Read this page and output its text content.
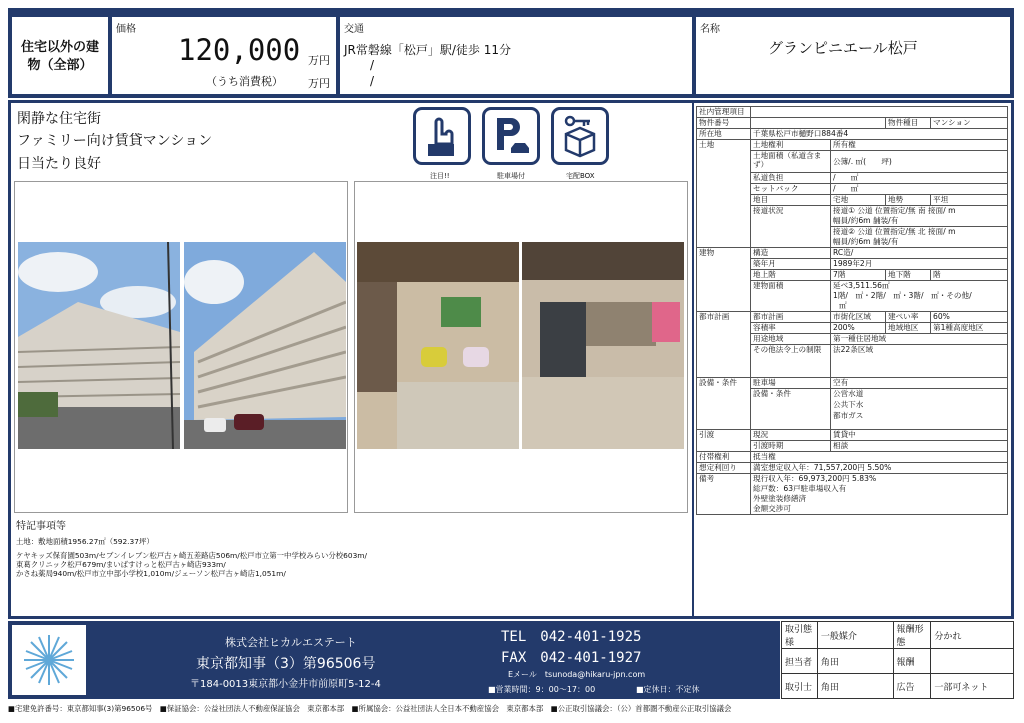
住宅以外の建物（全部）
価格
120,000 万円
（うち消費税） 万円
交通
JR常磐線「松戸」駅/徒歩 11分
/
/
名称
グランピニエール松戸
閑静な住宅街
ファミリー向け賃貸マンション
日当たり良好
注目!!	駐車場付	宅配BOX
特記事項等
土地：敷地面積1956.27㎡（592.37坪）
ケヤキッズ保育園503m/セブンイレブン松戸古ヶ崎五差路店506m/松戸市立第一中学校みらい分校603m/
東葛クリニック松戸679m/まいばすけっと松戸古ヶ崎店933m/
かさね薬局940m/松戸市立中部小学校1,010m/ジェーソン松戸古ヶ崎店1,051m/
社内管理項目				
物件番号			物件種目	マンション
所在地	千葉県松戸市樋野口884番4			
土地	土地権利	所有権		
	土地面積（私道含まず）	公簿/. ㎡(　　坪)		
	私道負担	/　　㎡		
	セットバック	/　　㎡		
	地目	宅地	地勢	平坦
	接道状況	接道① 公道 位置指定/無 南 接面/ m		
		幅員/約6m 舗装/有		
		接道② 公道 位置指定/無 北 接面/ m		
		幅員/約6m 舗装/有		
建物	構造	RC造/		
	築年月	1989年2月		
	地上階	7階	地下階	階
	建物面積	延べ3,511.56㎡		
		1階/　㎡・2階/　㎡・3階/　㎡・その他/		
		㎡		
都市計画	都市計画	市街化区域	建ぺい率	60%
	容積率	200%	地域地区	第1種高度地区
	用途地域	第一種住居地域		
	その他法令上の制限	法22条区域		
設備・条件	駐車場	空有		
	設備・条件	公営水道		
		公共下水		
		都市ガス		
引渡	現況	賃貸中		
	引渡時期	相談		
付帯権利	抵当権			
想定利回り	満室想定収入年：71,557,200円 5.50%			
備考	現行収入年：69,973,200円 5.83%			
	総戸数：63戸駐車場収入有			
	外壁塗装修繕済			
	金額交渉可			
株式会社ヒカルエステート
東京都知事（3）第96506号
〒184-0013東京都小金井市前原町5-12-4
TEL　042-401-1925
FAX　042-401-1927
Eメール　tsunoda@hikaru-jpn.com
■営業時間：9：00～17：00	■定休日：不定休
取引態様	一般媒介	報酬形態	分かれ
担当者	角田	報酬	
取引士	角田	広告	一部可ネット
■宅建免許番号：東京都知事(3)第96506号　■保証協会：公益社団法人不動産保証協会　東京都本部　■所属協会：公益社団法人全日本不動産協会　東京都本部　■公正取引協議会：（公）首都圏不動産公正取引協議会
